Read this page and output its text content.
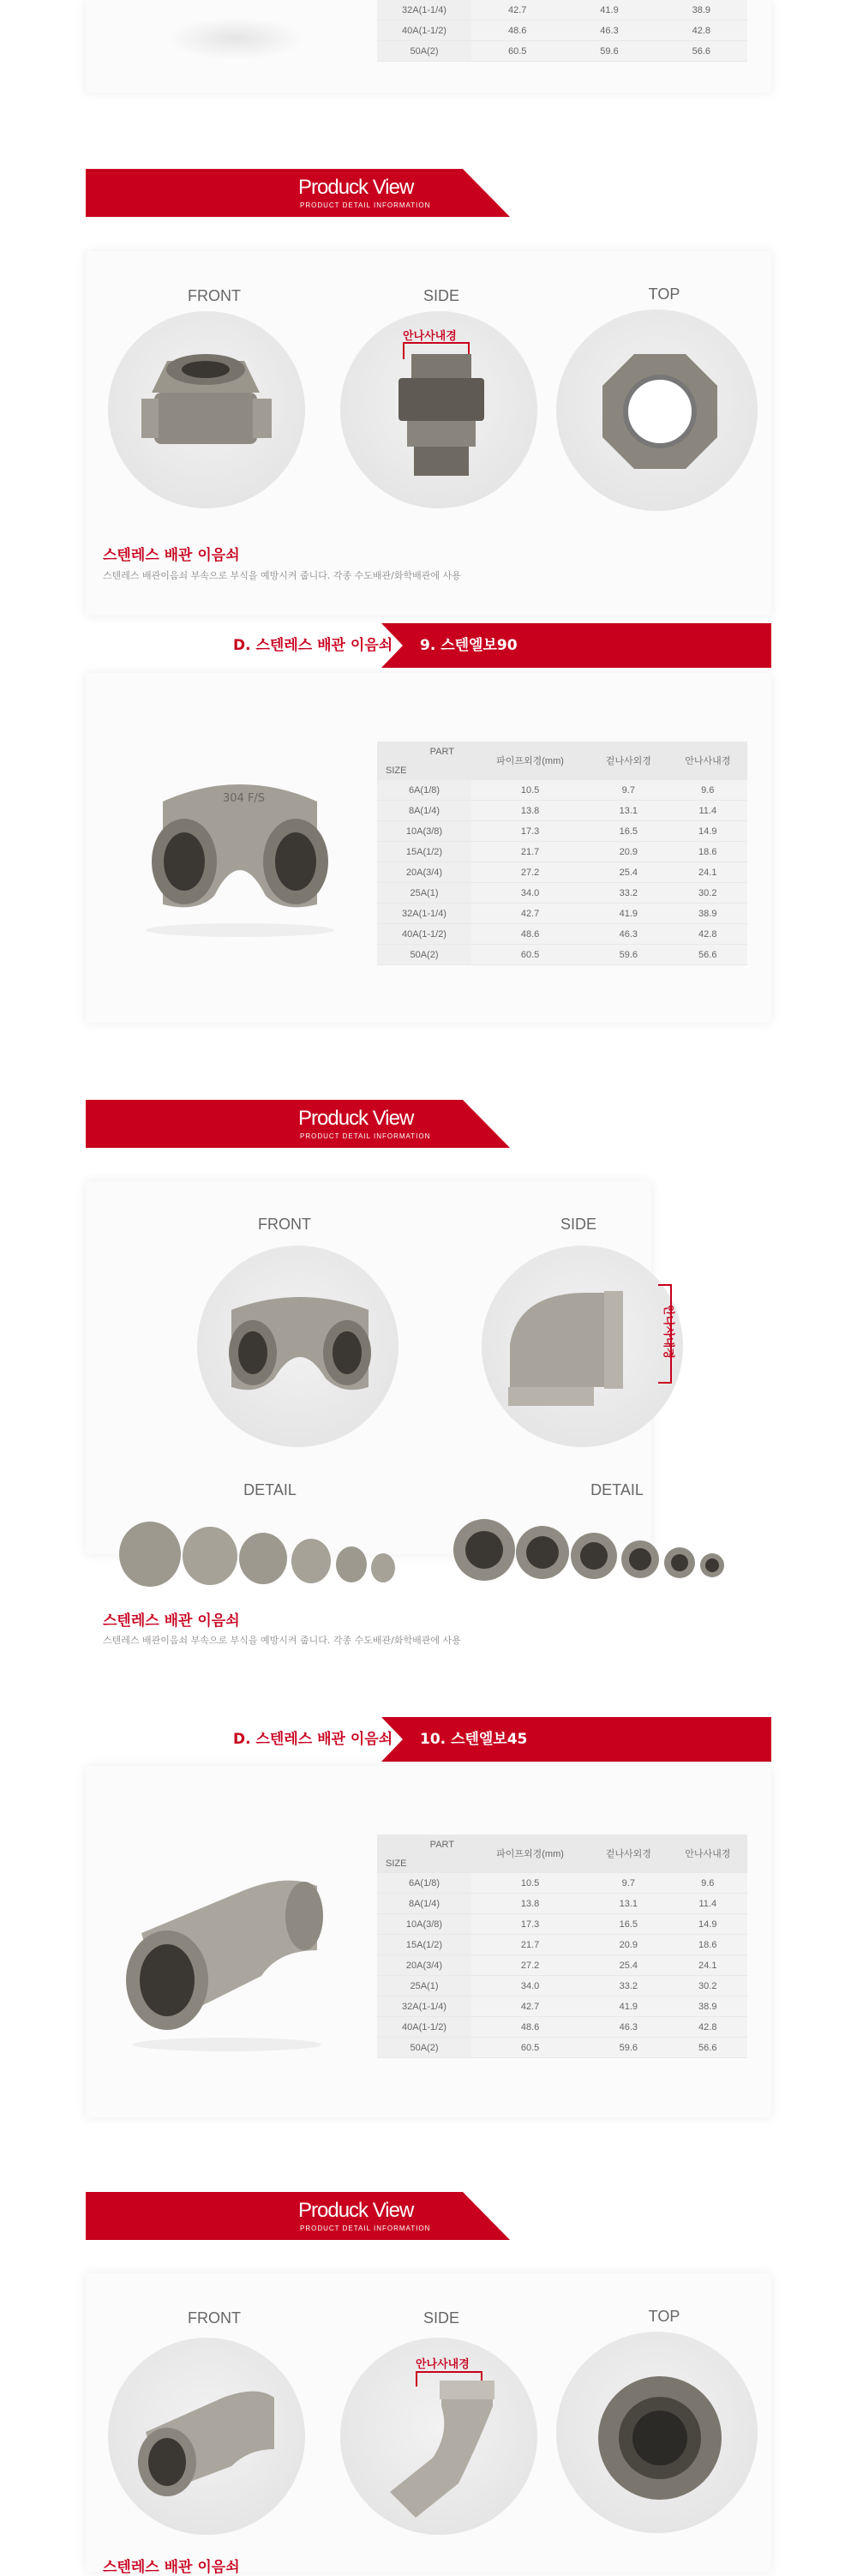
32A(1-1/4)	42.7	41.9	38.9
40A(1-1/2)	48.6	46.3	42.8
50A(2)	60.5	59.6	56.6
Produck View
PRODUCT DETAIL INFORMATION
FRONT	SIDE	TOP
안나사내경
스텐레스 배관 이음쇠
스텐레스 배관이음쇠 부속으로 부식을 예방시켜 줍니다. 각종 수도배관/화학배관에 사용
D. 스텐레스 배관 이음쇠 9. 스텐엘보90
304 F/S
PART
SIZE	파이프외경(mm)	겉나사외경	안나사내경
6A(1/8)	10.5	9.7	9.6
8A(1/4)	13.8	13.1	11.4
10A(3/8)	17.3	16.5	14.9
15A(1/2)	21.7	20.9	18.6
20A(3/4)	27.2	25.4	24.1
25A(1)	34.0	33.2	30.2
32A(1-1/4)	42.7	41.9	38.9
40A(1-1/2)	48.6	46.3	42.8
50A(2)	60.5	59.6	56.6
Produck View
PRODUCT DETAIL INFORMATION
FRONT	SIDE
안나사내경
DETAIL	DETAIL
스텐레스 배관 이음쇠
스텐레스 배관이음쇠 부속으로 부식을 예방시켜 줍니다. 각종 수도배관/화학배관에 사용
D. 스텐레스 배관 이음쇠 10. 스텐엘보45
PART
SIZE	파이프외경(mm)	겉나사외경	안나사내경
6A(1/8)	10.5	9.7	9.6
8A(1/4)	13.8	13.1	11.4
10A(3/8)	17.3	16.5	14.9
15A(1/2)	21.7	20.9	18.6
20A(3/4)	27.2	25.4	24.1
25A(1)	34.0	33.2	30.2
32A(1-1/4)	42.7	41.9	38.9
40A(1-1/2)	48.6	46.3	42.8
50A(2)	60.5	59.6	56.6
Produck View
PRODUCT DETAIL INFORMATION
FRONT	SIDE	TOP
안나사내경
스텐레스 배관 이음쇠
